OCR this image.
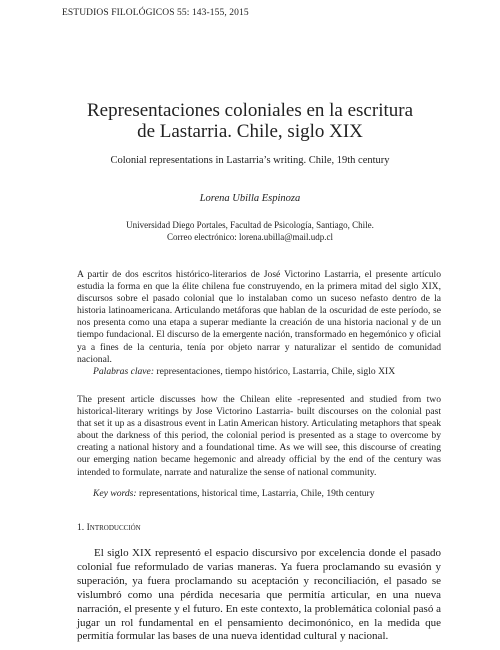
ESTUDIOS FILOLÓGICOS 55: 143-155, 2015
Representaciones coloniales en la escritura
de Lastarria. Chile, siglo XIX
Colonial representations in Lastarria’s writing. Chile, 19th century
Lorena Ubilla Espinoza
Universidad Diego Portales, Facultad de Psicología, Santiago, Chile.
Correo electrónico: lorena.ubilla@mail.udp.cl

A partir de dos escritos histórico-literarios de José Victorino Lastarria, el presente artículo estudia la forma en que la élite chilena fue construyendo, en la primera mitad del siglo XIX, discursos sobre el pasado colonial que lo instalaban como un suceso nefasto dentro de la historia latinoamericana. Articulando metáforas que hablan de la oscuridad de este período, se nos presenta como una etapa a superar mediante la creación de una historia nacional y de un tiempo fundacional. El discurso de la emergente nación, transformado en hegemónico y oficial ya a fines de la centuria, tenía por objeto narrar y naturalizar el sentido de comunidad nacional.

Palabras clave: representaciones, tiempo histórico, Lastarria, Chile, siglo XIX

The present article discusses how the Chilean elite -represented and studied from two historical-literary writings by Jose Victorino Lastarria- built discourses on the colonial past that set it up as a disastrous event in Latin American history. Articulating metaphors that speak about the darkness of this period, the colonial period is presented as a stage to overcome by creating a national history and a foundational time. As we will see, this discourse of creating our emerging nation became hegemonic and already official by the end of the century was intended to formulate, narrate and naturalize the sense of national community.

Key words: representations, historical time, Lastarria, Chile, 19th century
1. Introducción

El siglo XIX representó el espacio discursivo por excelencia donde el pasado colonial fue reformulado de varias maneras. Ya fuera proclamando su evasión y superación, ya fuera proclamando su aceptación y reconciliación, el pasado se vislumbró como una pérdida necesaria que permitía articular, en una nueva narración, el presente y el futuro. En este contexto, la problemática colonial pasó a jugar un rol fundamental en el pensamiento decimonónico, en la medida que permitía formular las bases de una nueva identidad cultural y nacional.
